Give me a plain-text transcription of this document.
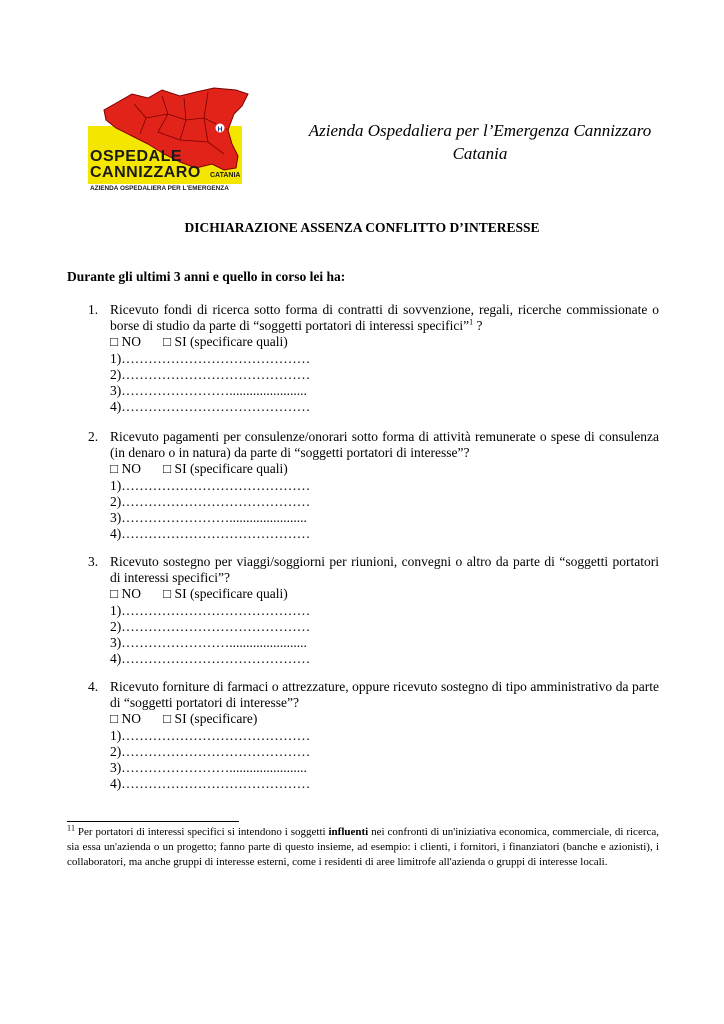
H
OSPEDALE
CANNIZZARO CATANIA
AZIENDA OSPEDALIERA PER L'EMERGENZA
Azienda Ospedaliera per l’Emergenza Cannizzaro
Catania
DICHIARAZIONE ASSENZA CONFLITTO D’INTERESSE
Durante gli ultimi 3 anni e quello in corso lei ha:
1. Ricevuto fondi di ricerca sotto forma di contratti di sovvenzione, regali, ricerche commissionate o borse di studio da parte di “soggetti portatori di interessi specifici”$^1$ ?
□ NO □ SI (specificare quali)
1)……………………………………
2)……………………………………
3)…………………….......................
4)……………………………………
2. Ricevuto pagamenti per consulenze/onorari sotto forma di attività remunerate o spese di consulenza (in denaro o in natura) da parte di “soggetti portatori di interesse”?
□ NO □ SI (specificare quali)
1)……………………………………
2)……………………………………
3)…………………….......................
4)……………………………………
3. Ricevuto sostegno per viaggi/soggiorni per riunioni, convegni o altro da parte di “soggetti portatori di interessi specifici”?
□ NO □ SI (specificare quali)
1)……………………………………
2)……………………………………
3)…………………….......................
4)……………………………………
4. Ricevuto forniture di farmaci o attrezzature, oppure ricevuto sostegno di tipo amministrativo da parte di “soggetti portatori di interesse”?
□ NO □ SI (specificare)
1)……………………………………
2)……………………………………
3)…………………….......................
4)……………………………………
$^{11}$ Per portatori di interessi specifici si intendono i soggetti influenti nei confronti di un'iniziativa economica, commerciale, di ricerca, sia essa un'azienda o un progetto; fanno parte di questo insieme, ad esempio: i clienti, i fornitori, i finanziatori (banche e azionisti), i collaboratori, ma anche gruppi di interesse esterni, come i residenti di aree limitrofe all'azienda o gruppi di interesse locali.
